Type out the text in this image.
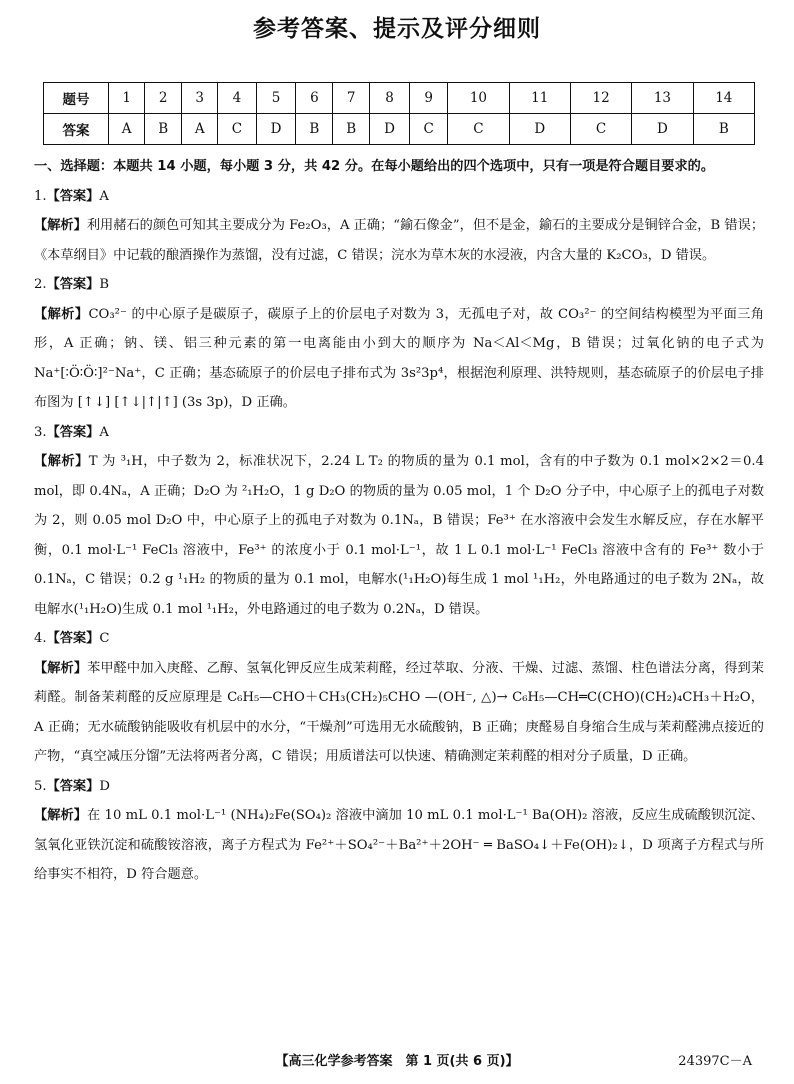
参考答案、提示及评分细则
题号	1	2	3	4	5	6	7	8	9	10	11	12	13	14
答案	A	B	A	C	D	B	B	D	C	C	D	C	D	B

一、选择题：本题共 14 小题，每小题 3 分，共 42 分。在每小题给出的四个选项中，只有一项是符合题目要求的。

1.【答案】A

【解析】利用赭石的颜色可知其主要成分为 Fe₂O₃，A 正确；“鍮石像金”，但不是金，鍮石的主要成分是铜锌合金，B 错误；《本草纲目》中记载的酿酒操作为蒸馏，没有过滤，C 错误；浣水为草木灰的水浸液，内含大量的 K₂CO₃，D 错误。

2.【答案】B

【解析】CO₃²⁻ 的中心原子是碳原子，碳原子上的价层电子对数为 3，无孤电子对，故 CO₃²⁻ 的空间结构模型为平面三角形，A 正确；钠、镁、铝三种元素的第一电离能由小到大的顺序为 Na＜Al＜Mg，B 错误；过氧化钠的电子式为 Na⁺[∶Ö∶Ö∶]²⁻Na⁺，C 正确；基态硫原子的价层电子排布式为 3s²3p⁴，根据泡利原理、洪特规则，基态硫原子的价层电子排布图为 [↑↓] [↑↓|↑|↑] (3s 3p)，D 正确。

3.【答案】A

【解析】T 为 ³₁H，中子数为 2，标准状况下，2.24 L T₂ 的物质的量为 0.1 mol，含有的中子数为 0.1 mol×2×2＝0.4 mol，即 0.4Nₐ，A 正确；D₂O 为 ²₁H₂O，1 g D₂O 的物质的量为 0.05 mol，1 个 D₂O 分子中，中心原子上的孤电子对数为 2，则 0.05 mol D₂O 中，中心原子上的孤电子对数为 0.1Nₐ，B 错误；Fe³⁺ 在水溶液中会发生水解反应，存在水解平衡，0.1 mol·L⁻¹ FeCl₃ 溶液中，Fe³⁺ 的浓度小于 0.1 mol·L⁻¹，故 1 L 0.1 mol·L⁻¹ FeCl₃ 溶液中含有的 Fe³⁺ 数小于 0.1Nₐ，C 错误；0.2 g ¹₁H₂ 的物质的量为 0.1 mol，电解水(¹₁H₂O)每生成 1 mol ¹₁H₂，外电路通过的电子数为 2Nₐ，故电解水(¹₁H₂O)生成 0.1 mol ¹₁H₂，外电路通过的电子数为 0.2Nₐ，D 错误。

4.【答案】C

【解析】苯甲醛中加入庚醛、乙醇、氢氧化钾反应生成茉莉醛，经过萃取、分液、干燥、过滤、蒸馏、柱色谱法分离，得到茉莉醛。制备茉莉醛的反应原理是 C₆H₅—CHO＋CH₃(CH₂)₅CHO —(OH⁻, △)→ C₆H₅—CH═C(CHO)(CH₂)₄CH₃＋H₂O，A 正确；无水硫酸钠能吸收有机层中的水分，“干燥剂”可选用无水硫酸钠，B 正确；庚醛易自身缩合生成与茉莉醛沸点接近的产物，“真空减压分馏”无法将两者分离，C 错误；用质谱法可以快速、精确测定茉莉醛的相对分子质量，D 正确。

5.【答案】D

【解析】在 10 mL 0.1 mol·L⁻¹ (NH₄)₂Fe(SO₄)₂ 溶液中滴加 10 mL 0.1 mol·L⁻¹ Ba(OH)₂ 溶液，反应生成硫酸钡沉淀、氢氧化亚铁沉淀和硫酸铵溶液，离子方程式为 Fe²⁺＋SO₄²⁻＋Ba²⁺＋2OH⁻ ═ BaSO₄↓＋Fe(OH)₂↓，D 项离子方程式与所给事实不相符，D 符合题意。

【高三化学参考答案　第 1 页(共 6 页)】	24397C－A
